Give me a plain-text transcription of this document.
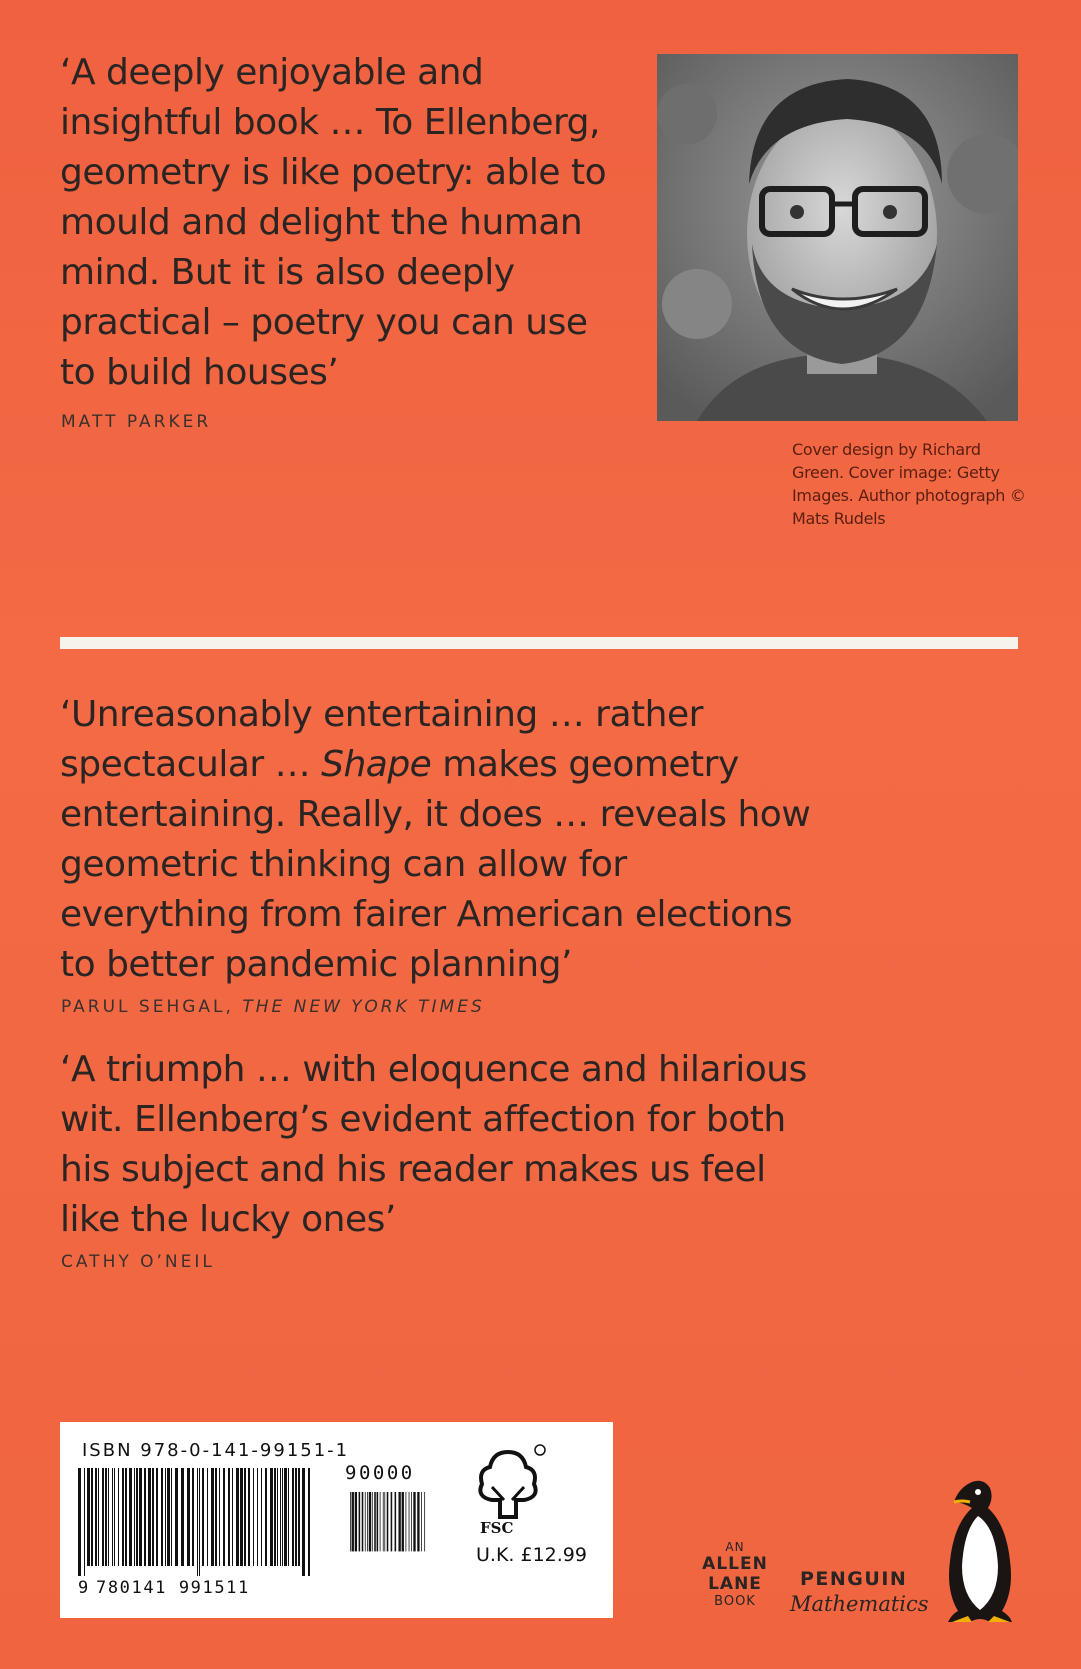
‘A deeply enjoyable and insightful book … To Ellenberg, geometry is like poetry: able to mould and delight the human mind. But it is also deeply practical – poetry you can use to build houses’

MATT PARKER

Cover design by Richard Green. Cover image: Getty Images. Author photograph © Mats Rudels

‘Unreasonably entertaining … rather spectacular … Shape makes geometry entertaining. Really, it does … reveals how geometric thinking can allow for everything from fairer American elections to better pandemic planning’

PARUL SEHGAL, THE NEW YORK TIMES

‘A triumph … with eloquence and hilarious wit. Ellenberg’s evident affection for both his subject and his reader makes us feel like the lucky ones’

CATHY O’NEIL

ISBN 978-0-141-99151-1

90000
9 780141 991511
FSC
U.K. £12.99	AN
ALLEN
LANE
BOOK
PENGUIN
Mathematics
